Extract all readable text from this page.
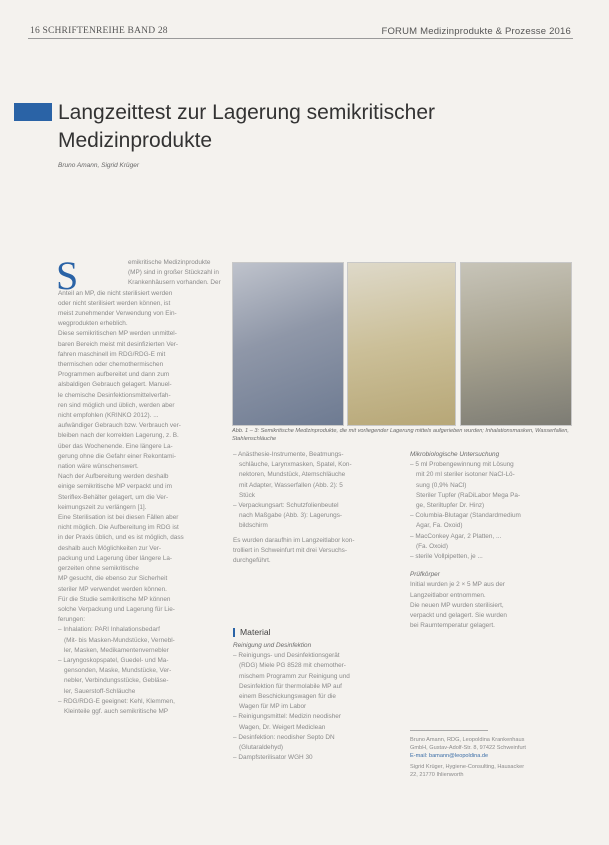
16 SCHRIFTENREIHE BAND 28	FORUM Medizinprodukte & Prozesse 2016
Langzeittest zur Lagerung semikritischer
Medizinprodukte
Bruno Amann, Sigrid Krüger
Abb. 1 – 3: Semikritische Medizinprodukte, die mit vorliegender Lagerung mittels aufgerieben wurden; Inhalationsmasken, Wasserfallen, Stahlenschläuche
S	emikritische Medizinprodukte

(MP) sind in großer Stückzahl in

Krankenhäusern vorhanden. Der

Anteil an MP, die nicht sterilisiert werden

oder nicht sterilisiert werden können, ist

meist zunehmender Verwendung von Ein-

wegprodukten erheblich.

Diese semikritischen MP werden unmittel-

baren Bereich meist mit desinfizierten Ver-

fahren maschinell im RDG/RDG-E mit

thermischen oder chemothermischen

Programmen aufbereitet und dann zum

alsbaldigen Gebrauch gelagert. Manuel-

le chemische Desinfektionsmittelverfah-

ren sind möglich und üblich, werden aber

nicht empfohlen (KRINKO 2012). ...

aufwändiger Gebrauch bzw. Verbrauch ver-

bleiben nach der korrekten Lagerung, z. B.

über das Wochenende. Eine längere La-

gerung ohne die Gefahr einer Rekontami-

nation wäre wünschenswert.

Nach der Aufbereitung werden deshalb

einige semikritische MP verpackt und im

Steriflex-Behälter gelagert, um die Ver-

keimungszeit zu verlängern [1].

Eine Sterilisation ist bei diesen Fällen aber

nicht möglich. Die Aufbereitung im RDG ist

in der Praxis üblich, und es ist möglich, dass

deshalb auch Möglichkeiten zur Ver-

packung und Lagerung über längere La-

gerzeiten ohne semikritische

MP gesucht, die ebenso zur Sicherheit

steriler MP verwendet werden können.

Für die Studie semikritische MP können

solche Verpackung und Lagerung für Lie-

ferungen:

– Inhalation: PARI Inhalationsbedarf

(Mit- bis Masken-Mundstücke, Vernebl-

ler, Masken, Medikamentenvernebler

– Laryngoskopspatel, Guedel- und Ma-

gensonden, Maske, Mundstücke, Ver-

nebler, Verbindungsstücke, Gebläse-

ler, Sauerstoff-Schläuche

– RDG/RDG-E geeignet: Kehl, Klemmen,

Kleinteile ggf. auch semikritische MP

– Anästhesie-Instrumente, Beatmungs-

schläuche, Larynxmasken, Spatel, Kon-

nektoren, Mundstück, Atemschläuche

mit Adapter, Wasserfallen (Abb. 2): 5

Stück

– Verpackungsart: Schutzfolienbeutel

nach Maßgabe (Abb. 3): Lagerungs-

bildschirm

Es wurden daraufhin im Langzeitlabor kon-

trolliert in Schweinfurt mit drei Versuchs-

durchgeführt.

Material

Reinigung und Desinfektion

– Reinigungs- und Desinfektionsgerät

(RDG) Miele PG 8528 mit chemother-

mischem Programm zur Reinigung und

Desinfektion für thermolabile MP auf

einem Beschickungswagen für die

Wagen für MP im Labor

– Reinigungsmittel: Medizin neodisher

Wagen, Dr. Weigert Mediclean

– Desinfektion: neodisher Septo DN

(Glutaraldehyd)

– Dampfsterilisator WGH 30

Mikrobiologische Untersuchung

– 5 ml Probengewinnung mit Lösung

mit 20 ml steriler isotoner NaCl-Lö-

sung (0,9% NaCl)

Steriler Tupfer (RaDiLabor Mega Pa-

ge, Steriltupfer Dr. Hinz)

– Columbia-Blutagar (Standardmedium

Agar, Fa. Oxoid)

– MacConkey Agar, 2 Platten, ...

(Fa. Oxoid)

– sterile Vollpipetten, je ...

Prüfkörper

Initial wurden je 2 × 5 MP aus der

Langzeitlabor entnommen.

Die neuen MP wurden sterilisiert,

verpackt und gelagert. Sie wurden

bei Raumtemperatur gelagert.

Bruno Amann, RDG, Leopoldina Krankenhaus

GmbH, Gustav-Adolf-Str. 8, 97422 Schweinfurt

E-mail: bamann@leopoldina.de

Sigrid Krüger, Hygiene-Consulting, Hausacker

22, 21770 Ihlienworth
